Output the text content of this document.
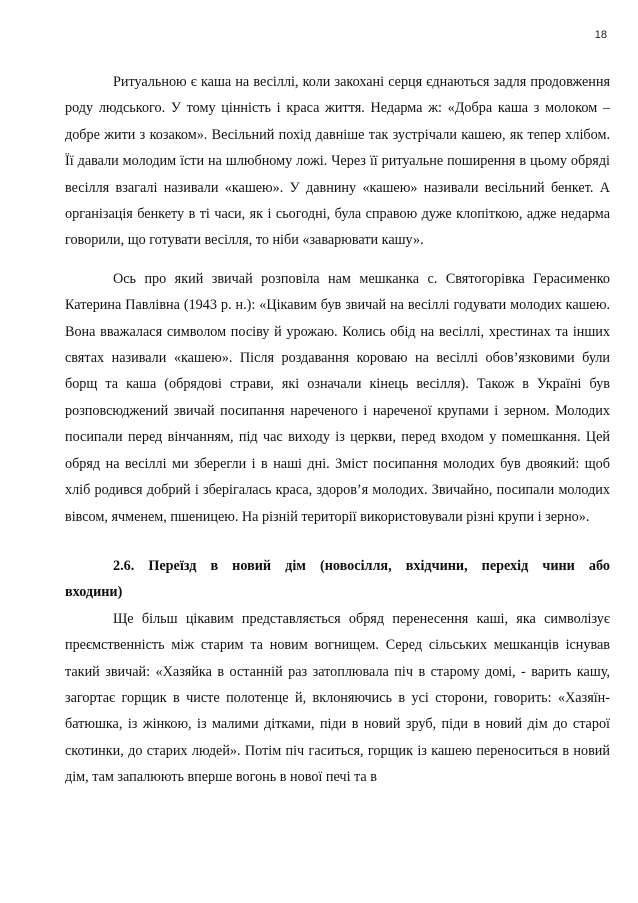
18

Ритуальною є каша на весіллі, коли закохані серця єднаються задля продовження роду людського. У тому цінність і краса життя. Недарма ж: «Добра каша з молоком – добре жити з козаком». Весільний похід давніше так зустрічали кашею, як тепер хлібом. Її давали молодим їсти на шлюбному ложі. Через її ритуальне поширення в цьому обряді весілля взагалі називали «кашею». У давнину «кашею» називали весільний бенкет. А організація бенкету в ті часи, як і сьогодні, була справою дуже клопіткою, адже недарма говорили, що готувати весілля, то ніби «заварювати кашу».

Ось про який звичай розповіла нам мешканка с. Святогорівка Герасименко Катерина Павлівна (1943 р. н.): «Цікавим був звичай на весіллі годувати молодих кашею. Вона вважалася символом посіву й урожаю. Колись обід на весіллі, хрестинах та інших святах називали «кашею». Після роздавання короваю на весіллі обов’язковими були борщ та каша (обрядові страви, які означали кінець весілля). Також в Україні був розповсюджений звичай посипання нареченого і нареченої крупами і зерном. Молодих посипали перед вінчанням, під час виходу із церкви, перед входом у помешкання. Цей обряд на весіллі ми зберегли і в наші дні. Зміст посипання молодих був двоякий: щоб хліб родився добрий і зберігалась краса, здоров’я молодих. Звичайно, посипали молодих вівсом, ячменем, пшеницею. На різній території використовували різні крупи і зерно».

2.6. Переїзд в новий дім (новосілля, вхідчини, перехід чини або входини)

Ще більш цікавим представляється обряд перенесення каші, яка символізує преємственність між старим та новим вогнищем. Серед сільських мешканців існував такий звичай: «Хазяйка в останній раз затоплювала піч в старому домі, - варить кашу, загортає горщик в чисте полотенце й, вклоняючись в усі сторони, говорить: «Хазяїн-батюшка, із жінкою, із малими дітками, піди в новий зруб, піди в новий дім до старої скотинки, до старих людей». Потім піч гаситься, горщик із кашею переноситься в новий дім, там запалюють вперше вогонь в нової печі та в
